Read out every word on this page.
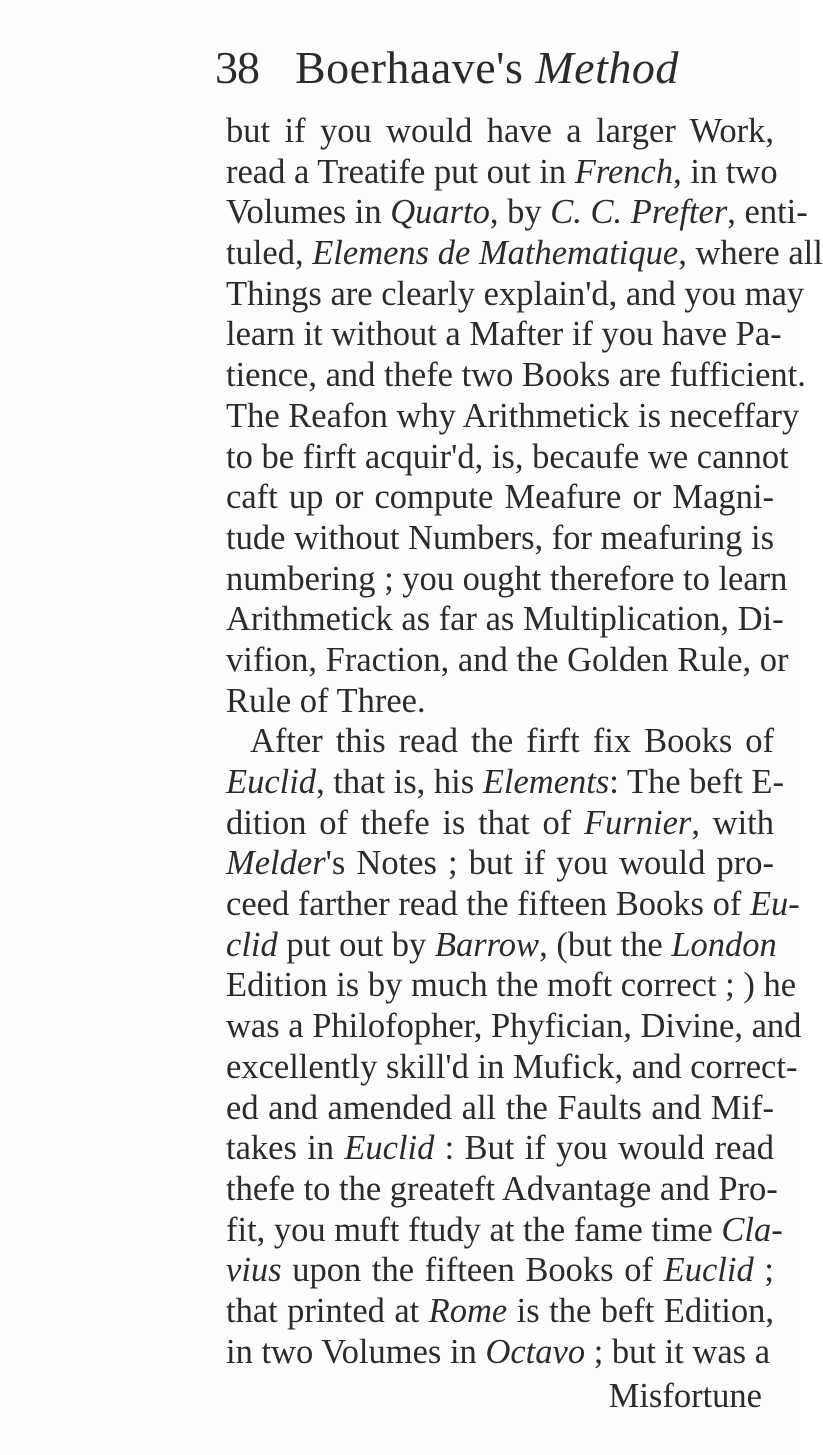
38 Boerhaave's Method
but if you would have a larger Work,
read a Treatife put out in French, in two
Volumes in Quarto, by C. C. Prefter, enti-
tuled, Elemens de Mathematique, where all
Things are clearly explain'd, and you may
learn it without a Mafter if you have Pa-
tience, and thefe two Books are fufficient.
The Reafon why Arithmetick is neceffary
to be firft acquir'd, is, becaufe we cannot
caft up or compute Meafure or Magni-
tude without Numbers, for meafuring is
numbering ; you ought therefore to learn
Arithmetick as far as Multiplication, Di-
vifion, Fraction, and the Golden Rule, or
Rule of Three.
After this read the firft fix Books of
Euclid, that is, his Elements: The beft E-
dition of thefe is that of Furnier, with
Melder's Notes ; but if you would pro-
ceed farther read the fifteen Books of Eu-
clid put out by Barrow, (but the London
Edition is by much the moft correct ; ) he
was a Philofopher, Phyfician, Divine, and
excellently skill'd in Mufick, and correct-
ed and amended all the Faults and Mif-
takes in Euclid : But if you would read
thefe to the greateft Advantage and Pro-
fit, you muft ftudy at the fame time Cla-
vius upon the fifteen Books of Euclid ;
that printed at Rome is the beft Edition,
in two Volumes in Octavo ; but it was a
Misfortune
